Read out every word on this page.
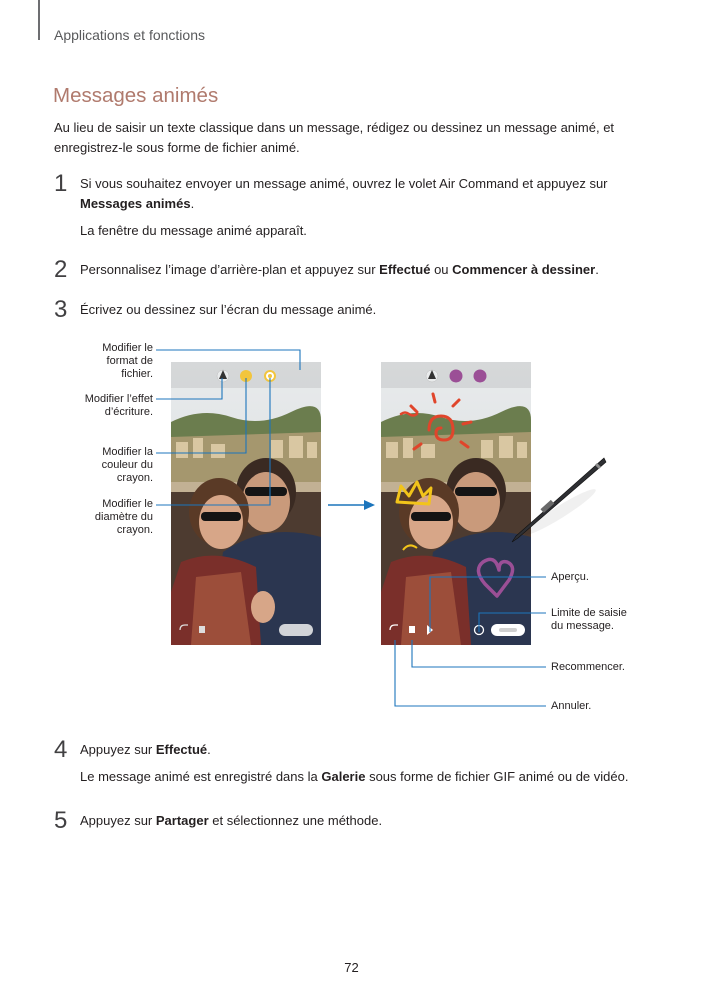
Applications et fonctions
Messages animés
Au lieu de saisir un texte classique dans un message, rédigez ou dessinez un message animé, et
enregistrez-le sous forme de fichier animé.
1 Si vous souhaitez envoyer un message animé, ouvrez le volet Air Command et appuyez sur
Messages animés.
La fenêtre du message animé apparaît.
2 Personnalisez l’image d’arrière-plan et appuyez sur Effectué ou Commencer à dessiner.
3 Écrivez ou dessinez sur l’écran du message animé.
Modifier le
format de
fichier.
Modifier l’effet
d’écriture.
Modifier la
couleur du
crayon.
Modifier le
diamètre du
crayon.
Aperçu.
Limite de saisie
du message.
Recommencer.
Annuler.
4 Appuyez sur Effectué.
Le message animé est enregistré dans la Galerie sous forme de fichier GIF animé ou de vidéo.
5 Appuyez sur Partager et sélectionnez une méthode.
72
